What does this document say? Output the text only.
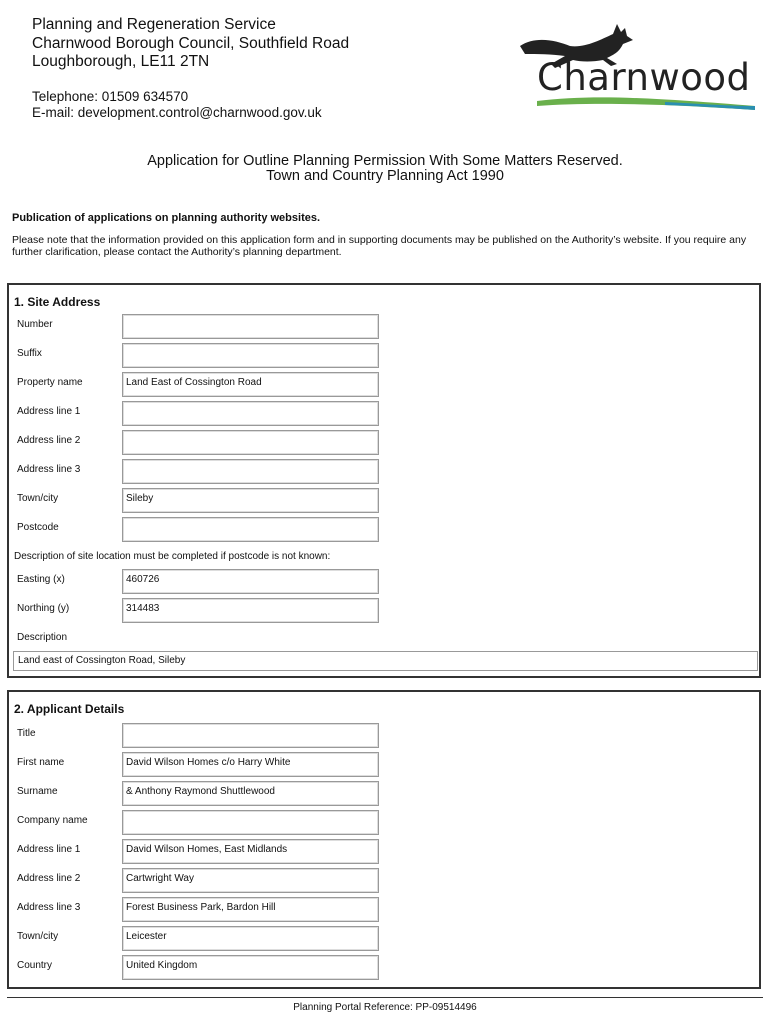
Planning and Regeneration Service
Charnwood Borough Council, Southfield Road
Loughborough, LE11 2TN
Telephone: 01509 634570
E-mail: development.control@charnwood.gov.uk
Charnwood
Application for Outline Planning Permission With Some Matters Reserved.
Town and Country Planning Act 1990
Publication of applications on planning authority websites.
Please note that the information provided on this application form and in supporting documents may be published on the Authority’s website. If you require any further clarification, please contact the Authority’s planning department.
1. Site Address
Number
Suffix
Property name	Land East of Cossington Road
Address line 1
Address line 2
Address line 3
Town/city	Sileby
Postcode
Description of site location must be completed if postcode is not known:
Easting (x)	460726
Northing (y)	314483
Description
Land east of Cossington Road, Sileby
2. Applicant Details
Title
First name	David Wilson Homes c/o Harry White
Surname	& Anthony Raymond Shuttlewood
Company name
Address line 1	David Wilson Homes, East Midlands
Address line 2	Cartwright Way
Address line 3	Forest Business Park, Bardon Hill
Town/city	Leicester
Country	United Kingdom
Planning Portal Reference: PP-09514496
